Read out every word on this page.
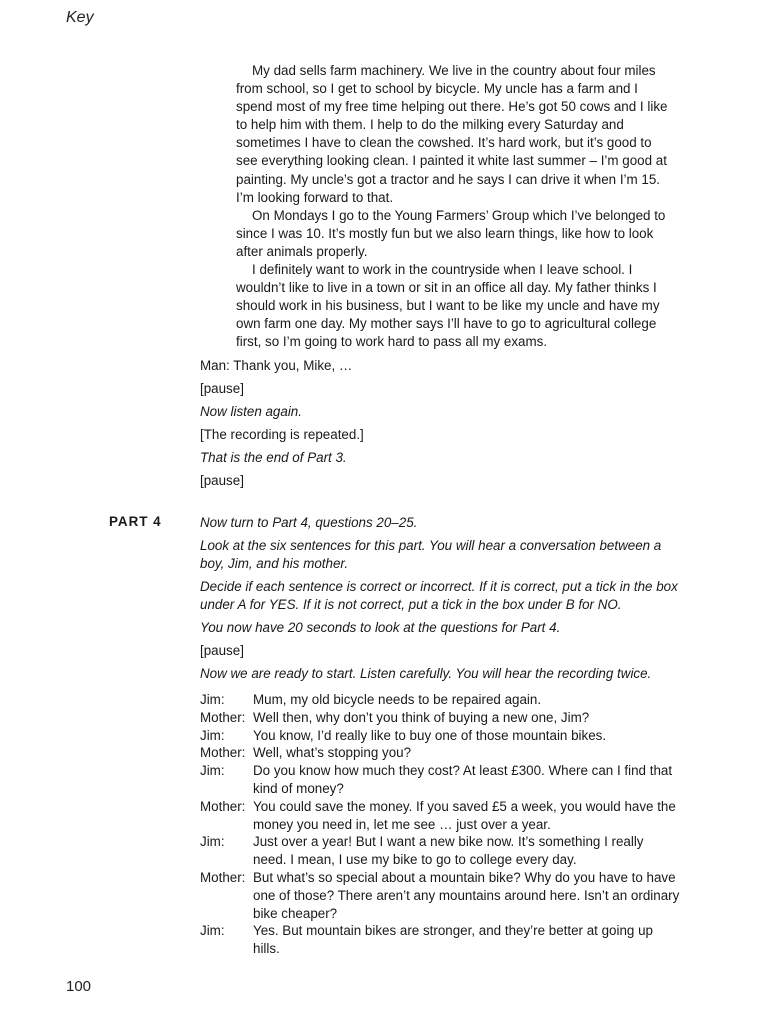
Key

My dad sells farm machinery. We live in the country about four miles from school, so I get to school by bicycle. My uncle has a farm and I spend most of my free time helping out there. He’s got 50 cows and I like to help him with them. I help to do the milking every Saturday and sometimes I have to clean the cowshed. It’s hard work, but it’s good to see everything looking clean. I painted it white last summer – I’m good at painting. My uncle’s got a tractor and he says I can drive it when I’m 15. I’m looking forward to that.

On Mondays I go to the Young Farmers’ Group which I’ve belonged to since I was 10. It’s mostly fun but we also learn things, like how to look after animals properly.

I definitely want to work in the countryside when I leave school. I wouldn’t like to live in a town or sit in an office all day. My father thinks I should work in his business, but I want to be like my uncle and have my own farm one day. My mother says I’ll have to go to agricultural college first, so I’m going to work hard to pass all my exams.

Man: Thank you, Mike, …

[pause]

Now listen again.

[The recording is repeated.]

That is the end of Part 3.

[pause]

PART 4	Now turn to Part 4, questions 20–25.

Look at the six sentences for this part. You will hear a conversation between a boy, Jim, and his mother.

Decide if each sentence is correct or incorrect. If it is correct, put a tick in the box under A for YES. If it is not correct, put a tick in the box under B for NO.

You now have 20 seconds to look at the questions for Part 4.

[pause]

Now we are ready to start. Listen carefully. You will hear the recording twice.

Jim:	Mum, my old bicycle needs to be repaired again.
Mother: Well then, why don’t you think of buying a new one, Jim?
Jim:	You know, I’d really like to buy one of those mountain bikes.
Mother: Well, what’s stopping you?
Jim:	Do you know how much they cost? At least £300. Where can I find that kind of money?
Mother: You could save the money. If you saved £5 a week, you would have the money you need in, let me see … just over a year.
Jim:	Just over a year! But I want a new bike now. It’s something I really need. I mean, I use my bike to go to college every day.
Mother: But what’s so special about a mountain bike? Why do you have to have one of those? There aren’t any mountains around here. Isn’t an ordinary bike cheaper?
Jim:	Yes. But mountain bikes are stronger, and they’re better at going up hills.
100
